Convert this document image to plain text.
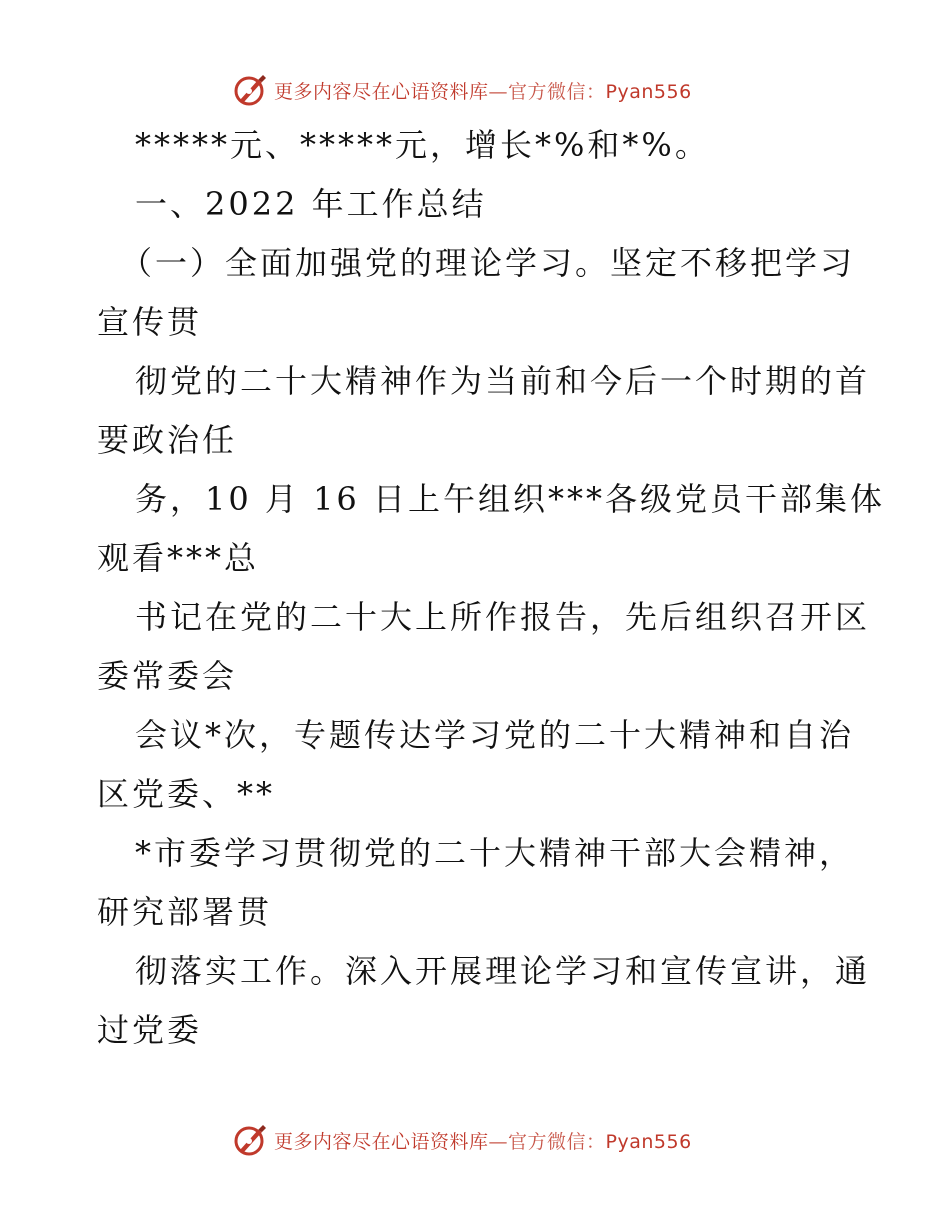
更多内容尽在心语资料库—官方微信：Pyan556
*****元、*****元，增长*%和*%。
一、2022 年工作总结
（一）全面加强党的理论学习。坚定不移把学习
宣传贯
彻党的二十大精神作为当前和今后一个时期的首
要政治任
务，10 月 16 日上午组织***各级党员干部集体
观看***总
书记在党的二十大上所作报告，先后组织召开区
委常委会
会议*次，专题传达学习党的二十大精神和自治
区党委、**
*市委学习贯彻党的二十大精神干部大会精神，
研究部署贯
彻落实工作。深入开展理论学习和宣传宣讲，通
过党委
更多内容尽在心语资料库—官方微信：Pyan556
